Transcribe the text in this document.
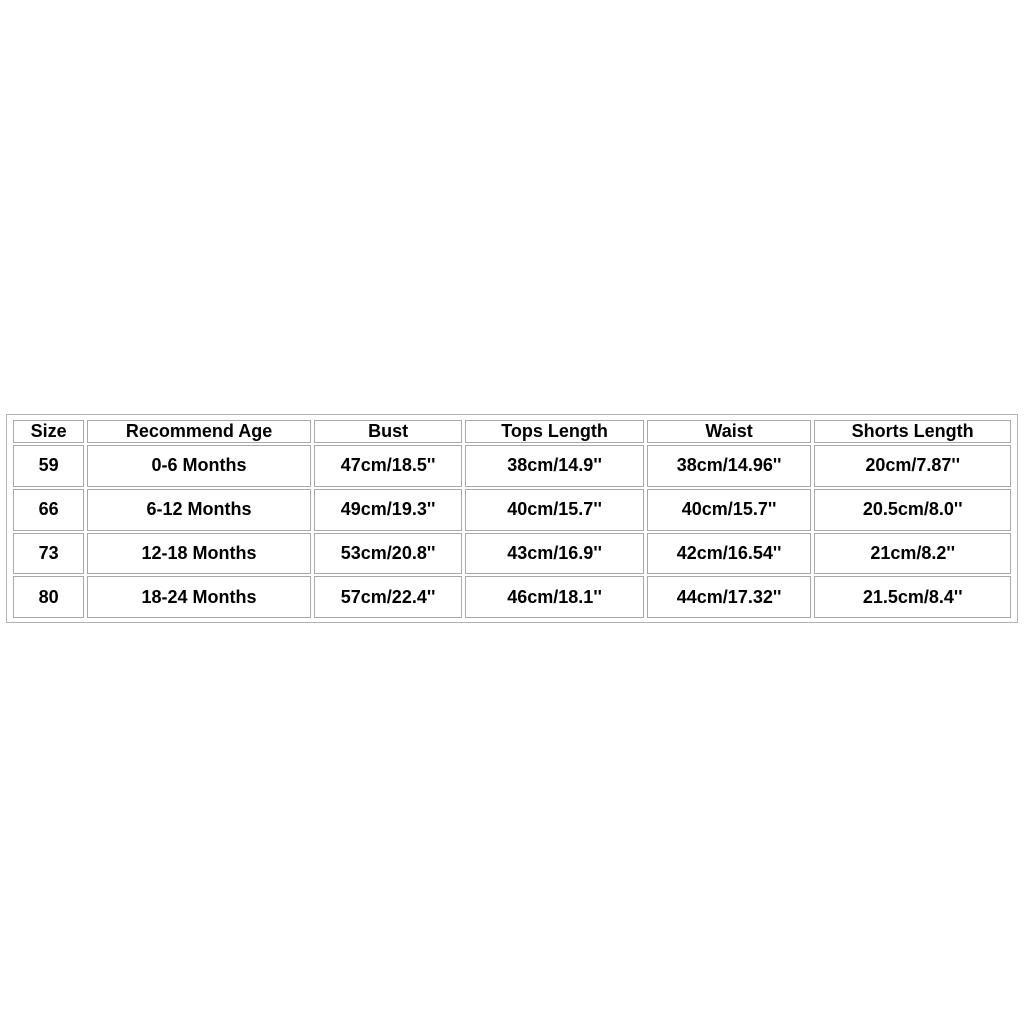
Size	Recommend Age	Bust	Tops Length	Waist	Shorts Length
59	0-6 Months	47cm/18.5''	38cm/14.9''	38cm/14.96''	20cm/7.87''
66	6-12 Months	49cm/19.3''	40cm/15.7''	40cm/15.7''	20.5cm/8.0''
73	12-18 Months	53cm/20.8''	43cm/16.9''	42cm/16.54''	21cm/8.2''
80	18-24 Months	57cm/22.4''	46cm/18.1''	44cm/17.32''	21.5cm/8.4''
